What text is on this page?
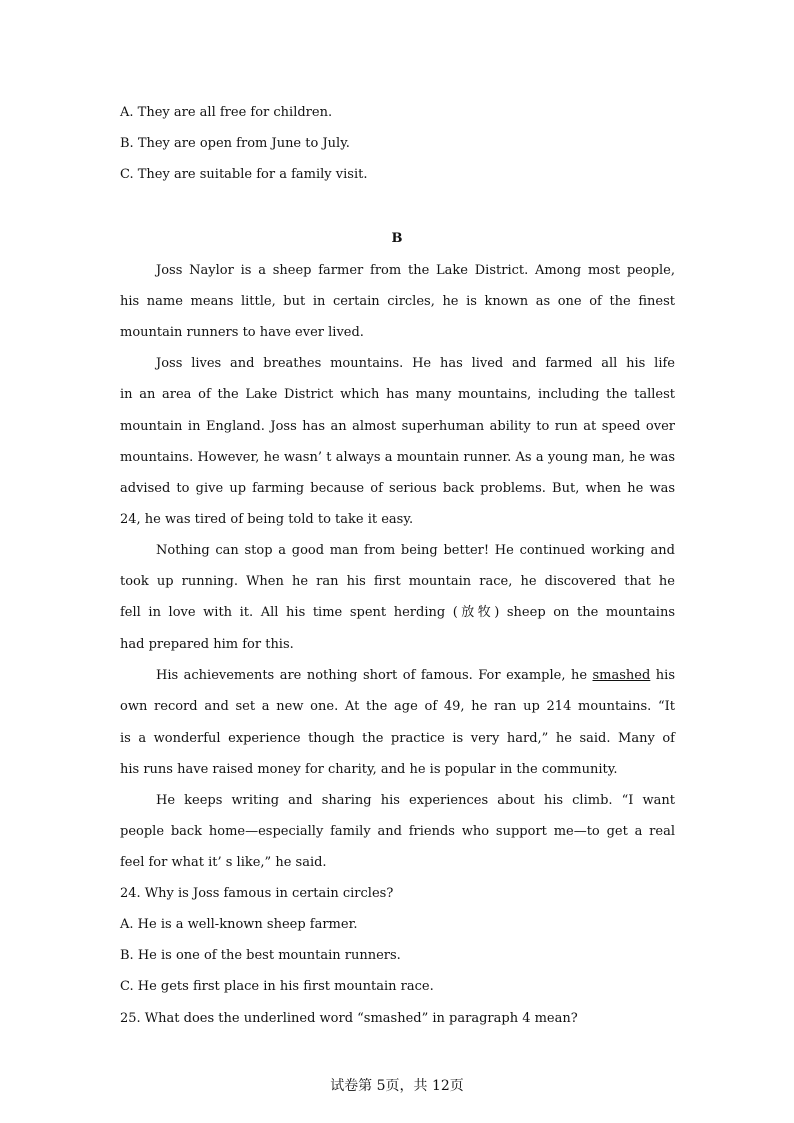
A. They are all free for children.
B. They are open from June to July.
C. They are suitable for a family visit.
B
Joss Naylor is a sheep farmer from the Lake District. Among most people,
his name means little, but in certain circles, he is known as one of the finest
mountain runners to have ever lived.
Joss lives and breathes mountains. He has lived and farmed all his life
in an area of the Lake District which has many mountains, including the tallest
mountain in England. Joss has an almost superhuman ability to run at speed over
mountains. However, he wasn’ t always a mountain runner. As a young man, he was
advised to give up farming because of serious back problems. But, when he was
24, he was tired of being told to take it easy.
Nothing can stop a good man from being better! He continued working and
took up running. When he ran his first mountain race, he discovered that he
fell in love with it. All his time spent herding (放牧) sheep on the mountains
had prepared him for this.
His achievements are nothing short of famous. For example, he smashed his
own record and set a new one. At the age of 49, he ran up 214 mountains. “It
is a wonderful experience though the practice is very hard,” he said. Many of
his runs have raised money for charity, and he is popular in the community.
He keeps writing and sharing his experiences about his climb. “I want
people back home—especially family and friends who support me—to get a real
feel for what it’ s like,” he said.
24. Why is Joss famous in certain circles?
A. He is a well-known sheep farmer.
B. He is one of the best mountain runners.
C. He gets first place in his first mountain race.
25. What does the underlined word “smashed” in paragraph 4 mean?
试卷第 5页，共 12页
